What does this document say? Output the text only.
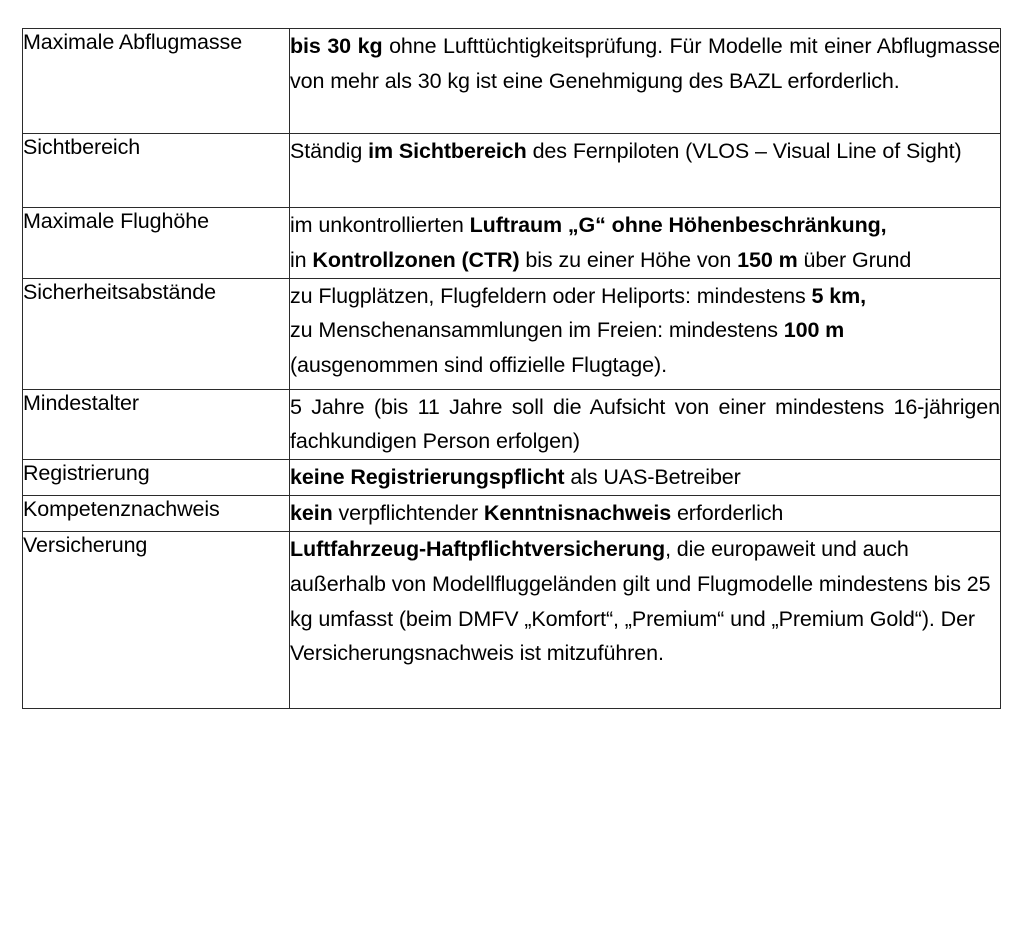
Maximale Abflugmasse	bis 30 kg ohne Lufttüchtigkeitsprüfung. Für Modelle mit einer Abflugmasse von mehr als 30 kg ist eine Genehmigung des BAZL erforderlich.
Sichtbereich	Ständig im Sichtbereich des Fernpiloten (VLOS – Visual Line of Sight)
Maximale Flughöhe	im unkontrollierten Luftraum „G“ ohne Höhenbeschränkung,
in Kontrollzonen (CTR) bis zu einer Höhe von 150 m über Grund
Sicherheitsabstände	zu Flugplätzen, Flugfeldern oder Heliports: mindestens 5 km,
zu Menschenansammlungen im Freien: mindestens 100 m
(ausgenommen sind offizielle Flugtage).
Mindestalter	5 Jahre (bis 11 Jahre soll die Aufsicht von einer mindestens 16-jährigen fachkundigen Person erfolgen)
Registrierung	keine Registrierungspflicht als UAS-Betreiber
Kompetenznachweis	kein verpflichtender Kenntnisnachweis erforderlich
Versicherung	Luftfahrzeug-Haftpflichtversicherung, die europaweit und auch außerhalb von Modellfluggeländen gilt und Flugmodelle mindestens bis 25 kg umfasst (beim DMFV „Komfort“, „Premium“ und „Premium Gold“). Der Versicherungsnachweis ist mitzuführen.
